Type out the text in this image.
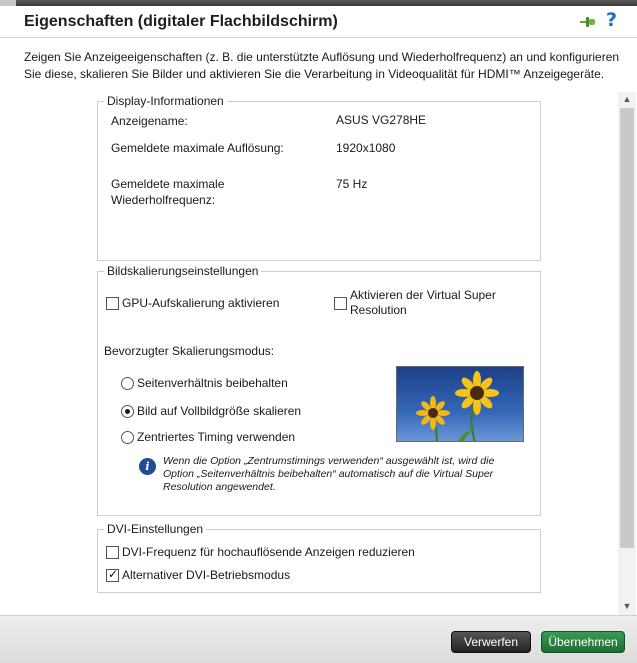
Eigenschaften (digitaler Flachbildschirm)	?
Zeigen Sie Anzeigeeigenschaften (z. B. die unterstützte Auflösung und Wiederholfrequenz) an und konfigurieren Sie diese, skalieren Sie Bilder und aktivieren Sie die Verarbeitung in Videoqualität für HDMI™ Anzeigegeräte.
Display-Informationen
Anzeigename:	ASUS VG278HE
Gemeldete maximale Auflösung:	1920x1080
Gemeldete maximale Wiederholfrequenz:
75 Hz
Bildskalierungseinstellungen
GPU-Aufskalierung aktivieren
Aktivieren der Virtual Super Resolution
Bevorzugter Skalierungsmodus:
Seitenverhältnis beibehalten
Bild auf Vollbildgröße skalieren
Zentriertes Timing verwenden
i	Wenn die Option „Zentrumstimings verwenden“ ausgewählt ist, wird die Option „Seitenverhältnis beibehalten“ automatisch auf die Virtual Super Resolution angewendet.
DVI-Einstellungen
DVI-Frequenz für hochauflösende Anzeigen reduzieren
✓
Alternativer DVI-Betriebsmodus
▲
▼
Verwerfen	Übernehmen
